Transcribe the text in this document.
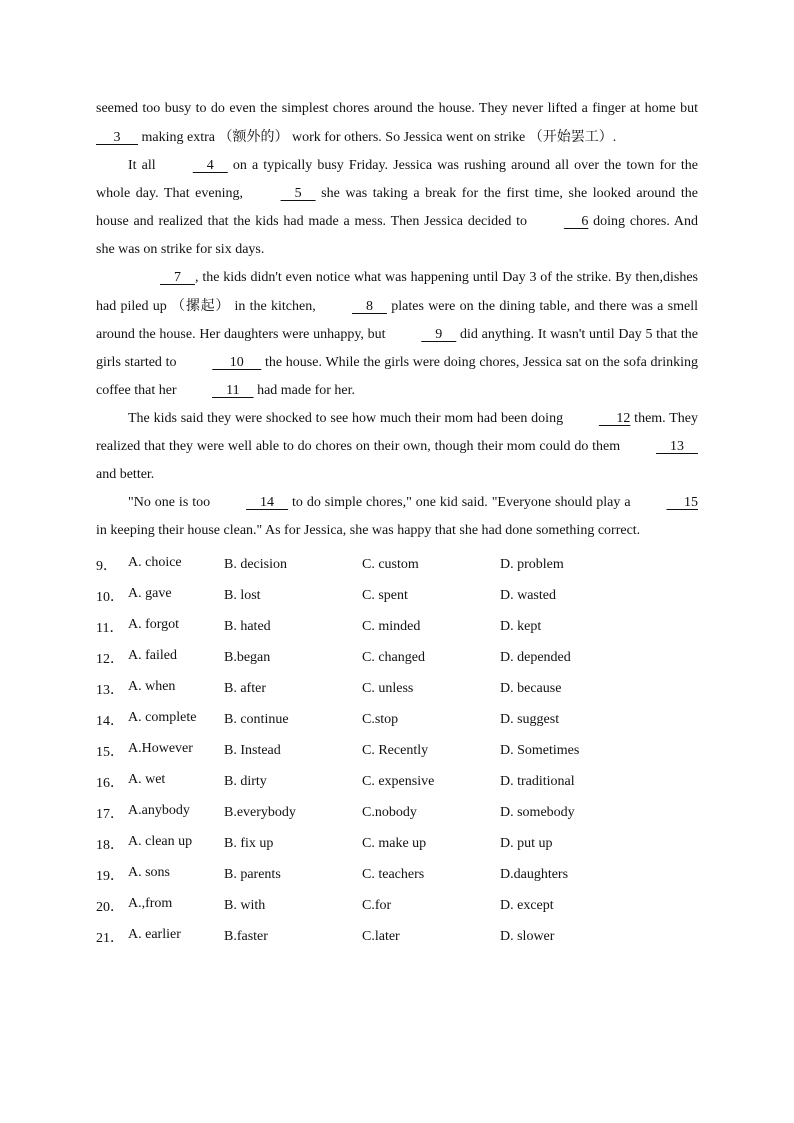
seemed too busy to do even the simplest chores around the house. They never lifted a finger at home but      3      making extra （额外的） work for others. So Jessica went on strike （开始罢工）.

It all     4     on a typically busy Friday. Jessica was rushing around all over the town for the whole day. That evening,     5     she was taking a break for the first time, she looked around the house and realized that the kids had made a mess. Then Jessica decided to      6 doing chores. And she was on strike for six days.

7    , the kids didn't even notice what was happening until Day 3 of the strike. By then,dishes had piled up （摞起） in the kitchen,     8     plates were on the dining table, and there was a smell around the house. Her daughters were unhappy, but     9     did anything. It wasn't until Day 5 that the girls started to      10      the house. While the girls were doing chores, Jessica sat on the sofa drinking coffee that her     11     had made for her.

The kids said they were shocked to see how much their mom had been doing      12 them. They realized that they were well able to do chores on their own, though their mom could do them     13     and better.

"No one is too     14     to do simple chores," one kid said. "Everyone should play a      15 in keeping their house clean." As for Jessica, she was happy that she had done something correct.

9． A. choice	B. decision	C. custom	D. problem
10． A. gave	B. lost	C. spent	D. wasted
11． A. forgot	B. hated	C. minded	D. kept
12． A. failed	B.began	C. changed	D. depended
13． A. when	B. after	C. unless	D. because
14． A. complete B. continue	C.stop	D. suggest
15． A.However B. Instead	C. Recently	D. Sometimes
16． A. wet	B. dirty	C. expensive	D. traditional
17． A.anybody B.everybody	C.nobody	D. somebody
18． A. clean up B. fix up	C. make up	D. put up
19． A. sons	B. parents	C. teachers	D.daughters
20． A.,from	B. with	C.for	D. except
21． A. earlier	B.faster	C.later	D. slower
